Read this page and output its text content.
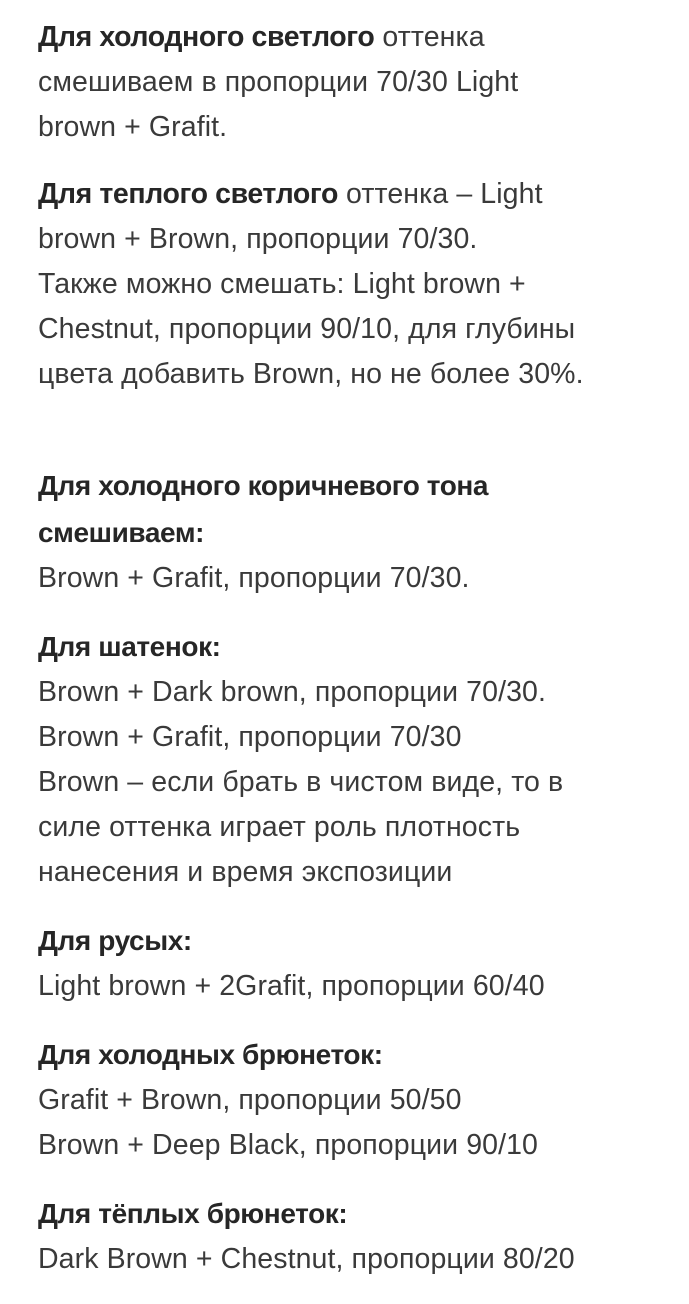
Для холодного светлого оттенка
смешиваем в пропорции 70/30 Light
brown + Grafit.

Для теплого светлого оттенка – Light
brown + Brown, пропорции 70/30.
Также можно смешать: Light brown +
Chestnut, пропорции 90/10, для глубины
цвета добавить Brown, но не более 30%.

Для холодного коричневого тона
смешиваем:
Brown + Grafit, пропорции 70/30.

Для шатенок:
Brown + Dark brown, пропорции 70/30.
Brown + Grafit, пропорции 70/30
Brown – если брать в чистом виде, то в
силе оттенка играет роль плотность
нанесения и время экспозиции

Для русых:
Light brown + 2Grafit, пропорции 60/40

Для холодных брюнеток:
Grafit + Brown, пропорции 50/50
Brown + Deep Black, пропорции 90/10

Для тёплых брюнеток:
Dark Brown + Chestnut, пропорции 80/20
